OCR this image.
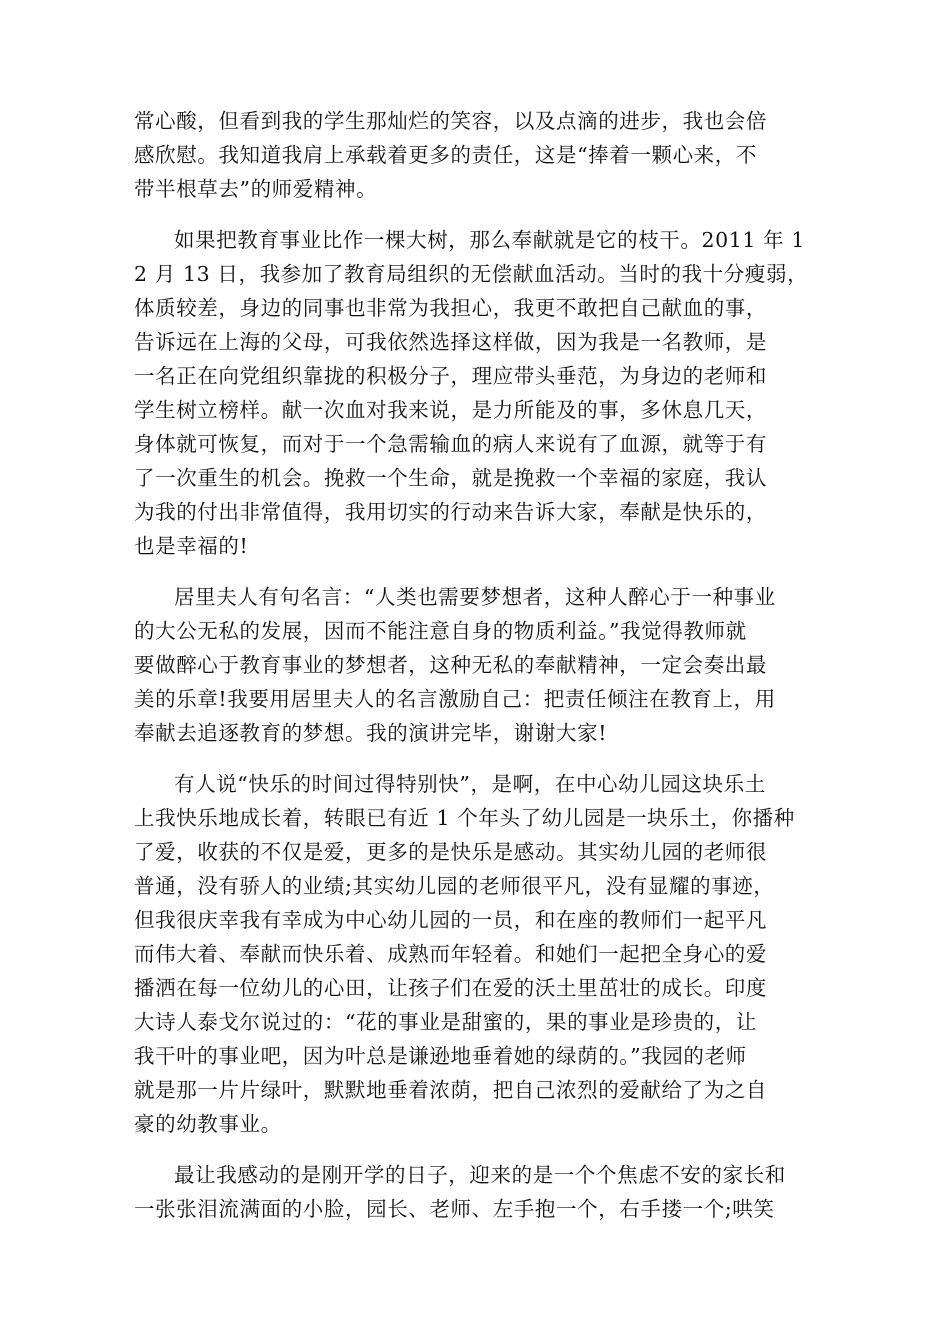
常心酸，但看到我的学生那灿烂的笑容，以及点滴的进步，我也会倍
感欣慰。我知道我肩上承载着更多的责任，这是“捧着一颗心来，不
带半根草去”的师爱精神。
如果把教育事业比作一棵大树，那么奉献就是它的枝干。2011 年 1
2 月 13 日，我参加了教育局组织的无偿献血活动。当时的我十分瘦弱，
体质较差，身边的同事也非常为我担心，我更不敢把自己献血的事，
告诉远在上海的父母，可我依然选择这样做，因为我是一名教师，是
一名正在向党组织靠拢的积极分子，理应带头垂范，为身边的老师和
学生树立榜样。献一次血对我来说，是力所能及的事，多休息几天，
身体就可恢复，而对于一个急需输血的病人来说有了血源，就等于有
了一次重生的机会。挽救一个生命，就是挽救一个幸福的家庭，我认
为我的付出非常值得，我用切实的行动来告诉大家，奉献是快乐的，
也是幸福的!
居里夫人有句名言：“人类也需要梦想者，这种人醉心于一种事业
的大公无私的发展，因而不能注意自身的物质利益。”我觉得教师就
要做醉心于教育事业的梦想者，这种无私的奉献精神，一定会奏出最
美的乐章!我要用居里夫人的名言激励自己：把责任倾注在教育上，用
奉献去追逐教育的梦想。我的演讲完毕，谢谢大家!
有人说“快乐的时间过得特别快”，是啊，在中心幼儿园这块乐土
上我快乐地成长着，转眼已有近 1 个年头了幼儿园是一块乐土，你播种
了爱，收获的不仅是爱，更多的是快乐是感动。其实幼儿园的老师很
普通，没有骄人的业绩;其实幼儿园的老师很平凡，没有显耀的事迹，
但我很庆幸我有幸成为中心幼儿园的一员，和在座的教师们一起平凡
而伟大着、奉献而快乐着、成熟而年轻着。和她们一起把全身心的爱
播洒在每一位幼儿的心田，让孩子们在爱的沃土里茁壮的成长。印度
大诗人泰戈尔说过的：“花的事业是甜蜜的，果的事业是珍贵的，让
我干叶的事业吧，因为叶总是谦逊地垂着她的绿荫的。”我园的老师
就是那一片片绿叶，默默地垂着浓荫，把自己浓烈的爱献给了为之自
豪的幼教事业。
最让我感动的是刚开学的日子，迎来的是一个个焦虑不安的家长和
一张张泪流满面的小脸，园长、老师、左手抱一个，右手搂一个;哄笑
